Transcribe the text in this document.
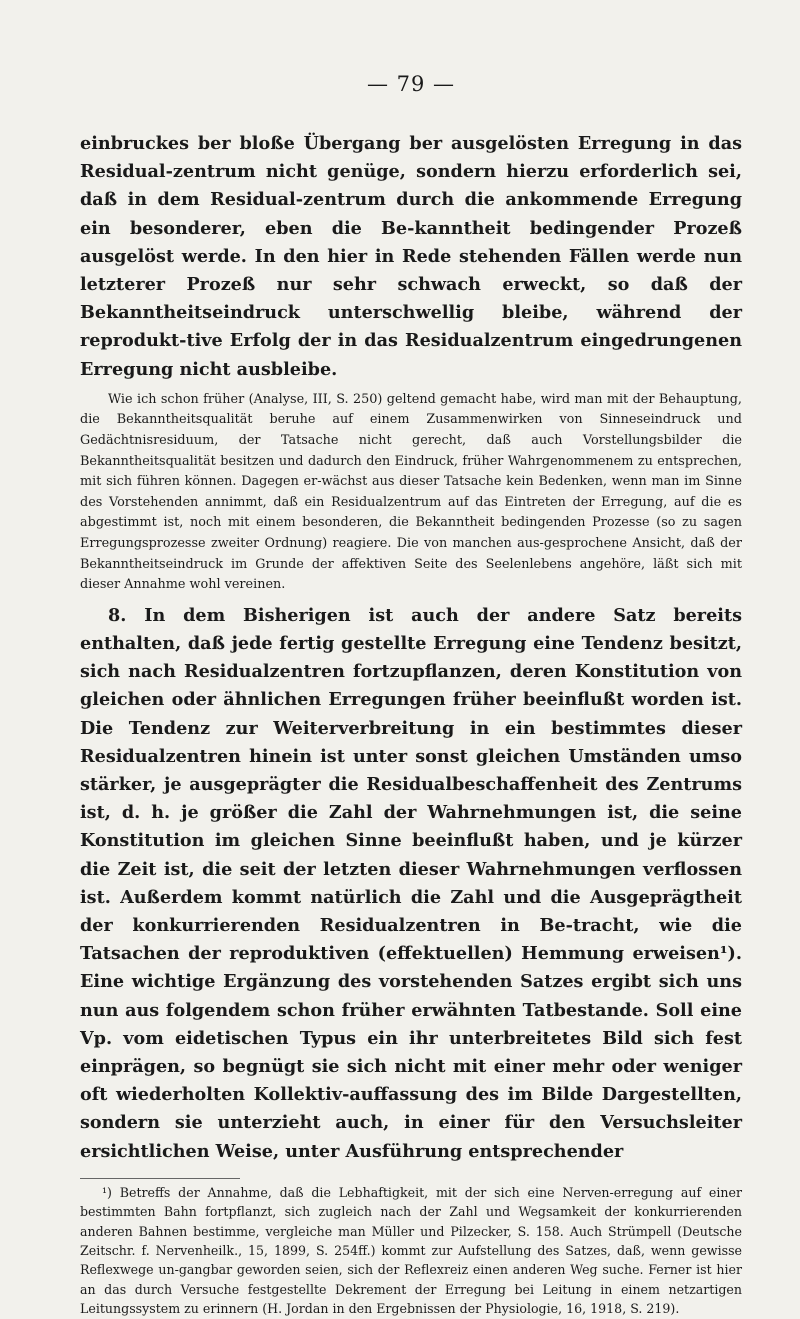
— 79 —

einbruckes ber bloße Übergang ber ausgelösten Erregung in das Residual-zentrum nicht genüge, sondern hierzu erforderlich sei, daß in dem Residual-zentrum durch die ankommende Erregung ein besonderer, eben die Be-kanntheit bedingender Prozeß ausgelöst werde. In den hier in Rede stehenden Fällen werde nun letzterer Prozeß nur sehr schwach erweckt, so daß der Bekanntheitseindruck unterschwellig bleibe, während der reprodukt-tive Erfolg der in das Residualzentrum eingedrungenen Erregung nicht ausbleibe.

Wie ich schon früher (Analyse, III, S. 250) geltend gemacht habe, wird man mit der Behauptung, die Bekanntheitsqualität beruhe auf einem Zusammenwirken von Sinneseindruck und Gedächtnisresiduum, der Tatsache nicht gerecht, daß auch Vorstellungsbilder die Bekanntheitsqualität besitzen und dadurch den Eindruck, früher Wahrgenommenem zu entsprechen, mit sich führen können. Dagegen er-wächst aus dieser Tatsache kein Bedenken, wenn man im Sinne des Vorstehenden annimmt, daß ein Residualzentrum auf das Eintreten der Erregung, auf die es abgestimmt ist, noch mit einem besonderen, die Bekanntheit bedingenden Prozesse (so zu sagen Erregungsprozesse zweiter Ordnung) reagiere. Die von manchen aus-gesprochene Ansicht, daß der Bekanntheitseindruck im Grunde der affektiven Seite des Seelenlebens angehöre, läßt sich mit dieser Annahme wohl vereinen.

8. In dem Bisherigen ist auch der andere Satz bereits enthalten, daß jede fertig gestellte Erregung eine Tendenz besitzt, sich nach Residualzentren fortzupflanzen, deren Konstitution von gleichen oder ähnlichen Erregungen früher beeinflußt worden ist. Die Tendenz zur Weiterverbreitung in ein bestimmtes dieser Residualzentren hinein ist unter sonst gleichen Umständen umso stärker, je ausgeprägter die Residualbeschaffenheit des Zentrums ist, d. h. je größer die Zahl der Wahrnehmungen ist, die seine Konstitution im gleichen Sinne beeinflußt haben, und je kürzer die Zeit ist, die seit der letzten dieser Wahrnehmungen verflossen ist. Außerdem kommt natürlich die Zahl und die Ausgeprägtheit der konkurrierenden Residualzentren in Be-tracht, wie die Tatsachen der reproduktiven (effektuellen) Hemmung erweisen¹). Eine wichtige Ergänzung des vorstehenden Satzes ergibt sich uns nun aus folgendem schon früher erwähnten Tatbestande. Soll eine Vp. vom eidetischen Typus ein ihr unterbreitetes Bild sich fest einprägen, so begnügt sie sich nicht mit einer mehr oder weniger oft wiederholten Kollektiv-auffassung des im Bilde Dargestellten, sondern sie unterzieht auch, in einer für den Versuchsleiter ersichtlichen Weise, unter Ausführung entsprechender

¹) Betreffs der Annahme, daß die Lebhaftigkeit, mit der sich eine Nerven-erregung auf einer bestimmten Bahn fortpflanzt, sich zugleich nach der Zahl und Wegsamkeit der konkurrierenden anderen Bahnen bestimme, vergleiche man Müller und Pilzecker, S. 158. Auch Strümpell (Deutsche Zeitschr. f. Nervenheilk., 15, 1899, S. 254ff.) kommt zur Aufstellung des Satzes, daß, wenn gewisse Reflexwege un-gangbar geworden seien, sich der Reflexreiz einen anderen Weg suche. Ferner ist hier an das durch Versuche festgestellte Dekrement der Erregung bei Leitung in einem netzartigen Leitungssystem zu erinnern (H. Jordan in den Ergebnissen der Physiologie, 16, 1918, S. 219).
